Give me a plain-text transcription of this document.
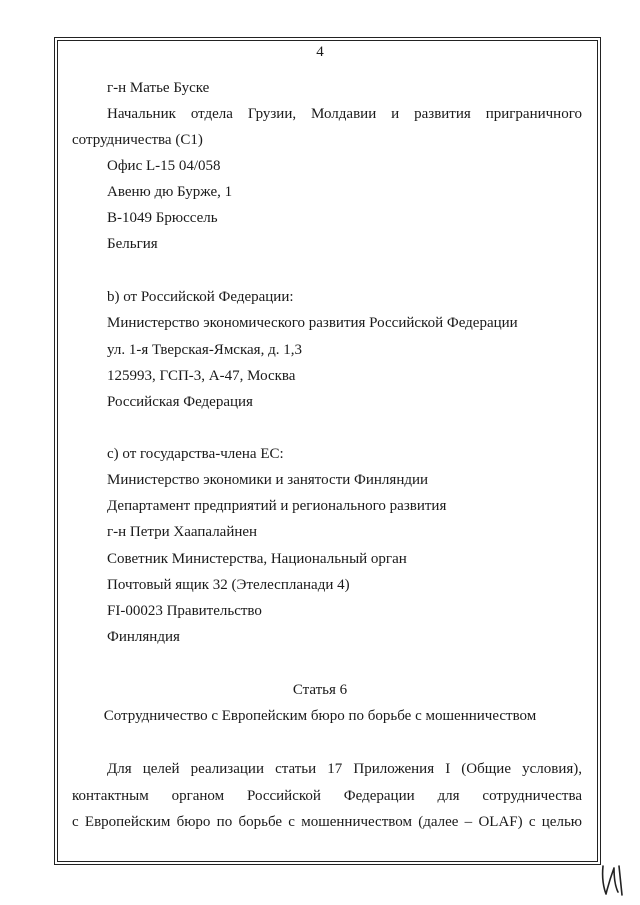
4
г-н Матье Буске
Начальник отдела Грузии, Молдавии и развития приграничного
сотрудничества (C1)
Офис L-15 04/058
Авеню дю Бурже, 1
B-1049 Брюссель
Бельгия
b) от Российской Федерации:
Министерство экономического развития Российской Федерации
ул. 1-я Тверская-Ямская, д. 1,3
125993, ГСП-3, А-47, Москва
Российская Федерация
c) от государства-члена ЕС:
Министерство экономики и занятости Финляндии
Департамент предприятий и регионального развития
г-н Петри Хаапалайнен
Советник Министерства, Национальный орган
Почтовый ящик 32 (Этелеспланади 4)
FI-00023 Правительство
Финляндия
Статья 6
Сотрудничество с Европейским бюро по борьбе с мошенничеством
Для целей реализации статьи 17 Приложения I (Общие условия),
контактным органом Российской Федерации для сотрудничества
с Европейским бюро по борьбе с мошенничеством (далее – OLAF) с целью
